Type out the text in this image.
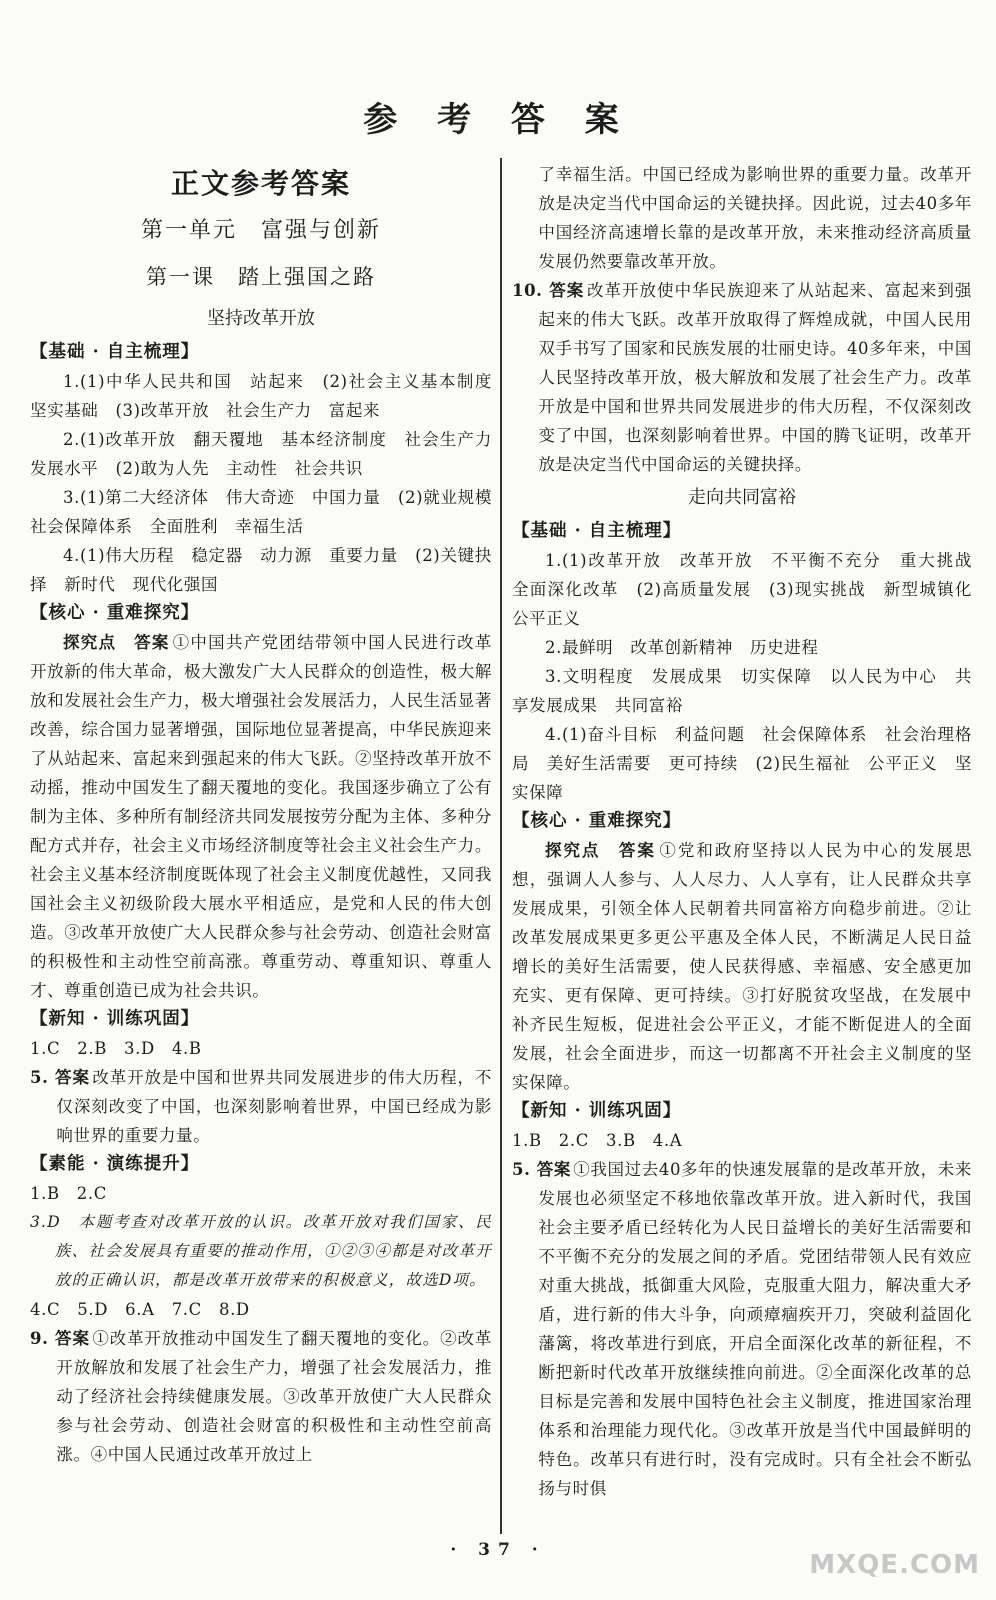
参 考 答 案
正文参考答案
第一单元　富强与创新
第一课　踏上强国之路
坚持改革开放
【基础 · 自主梳理】

1.(1)中华人民共和国　站起来　(2)社会主义基本制度　坚实基础　(3)改革开放　社会生产力　富起来

2.(1)改革开放　翻天覆地　基本经济制度　社会生产力　发展水平　(2)敢为人先　主动性　社会共识

3.(1)第二大经济体　伟大奇迹　中国力量　(2)就业规模　社会保障体系　全面胜利　幸福生活

4.(1)伟大历程　稳定器　动力源　重要力量　(2)关键抉择　新时代　现代化强国

【核心 · 重难探究】

探究点　答案  ①中国共产党团结带领中国人民进行改革开放新的伟大革命，极大激发广大人民群众的创造性，极大解放和发展社会生产力，极大增强社会发展活力，人民生活显著改善，综合国力显著增强，国际地位显著提高，中华民族迎来了从站起来、富起来到强起来的伟大飞跃。②坚持改革开放不动摇，推动中国发生了翻天覆地的变化。我国逐步确立了公有制为主体、多种所有制经济共同发展按劳分配为主体、多种分配方式并存，社会主义市场经济制度等社会主义社会生产力。社会主义基本经济制度既体现了社会主义制度优越性，又同我国社会主义初级阶段大展水平相适应，是党和人民的伟大创造。③改革开放使广大人民群众参与社会劳动、创造社会财富的积极性和主动性空前高涨。尊重劳动、尊重知识、尊重人才、尊重创造已成为社会共识。

【新知 · 训练巩固】

1.C　2.B　3.D　4.B

5. 答案  改革开放是中国和世界共同发展进步的伟大历程，不仅深刻改变了中国，也深刻影响着世界，中国已经成为影响世界的重要力量。

【素能 · 演练提升】

1.B　2.C

3.D　本题考查对改革开放的认识。改革开放对我们国家、民族、社会发展具有重要的推动作用，①②③④都是对改革开放的正确认识，都是改革开放带来的积极意义，故选D项。

4.C　5.D　6.A　7.C　8.D

9. 答案  ①改革开放推动中国发生了翻天覆地的变化。②改革开放解放和发展了社会生产力，增强了社会发展活力，推动了经济社会持续健康发展。③改革开放使广大人民群众参与社会劳动、创造社会财富的积极性和主动性空前高涨。④中国人民通过改革开放过上

了幸福生活。中国已经成为影响世界的重要力量。改革开放是决定当代中国命运的关键抉择。因此说，过去40多年中国经济高速增长靠的是改革开放，未来推动经济高质量发展仍然要靠改革开放。

10. 答案  改革开放使中华民族迎来了从站起来、富起来到强起来的伟大飞跃。改革开放取得了辉煌成就，中国人民用双手书写了国家和民族发展的壮丽史诗。40多年来，中国人民坚持改革开放，极大解放和发展了社会生产力。改革开放是中国和世界共同发展进步的伟大历程，不仅深刻改变了中国，也深刻影响着世界。中国的腾飞证明，改革开放是决定当代中国命运的关键抉择。

走向共同富裕
【基础 · 自主梳理】

1.(1)改革开放　改革开放　不平衡不充分　重大挑战　全面深化改革　(2)高质量发展　(3)现实挑战　新型城镇化　公平正义

2.最鲜明　改革创新精神　历史进程

3.文明程度　发展成果　切实保障　以人民为中心　共享发展成果　共同富裕

4.(1)奋斗目标　利益问题　社会保障体系　社会治理格局　美好生活需要　更可持续　(2)民生福祉　公平正义　坚实保障

【核心 · 重难探究】

探究点　答案  ①党和政府坚持以人民为中心的发展思想，强调人人参与、人人尽力、人人享有，让人民群众共享发展成果，引领全体人民朝着共同富裕方向稳步前进。②让改革发展成果更多更公平惠及全体人民，不断满足人民日益增长的美好生活需要，使人民获得感、幸福感、安全感更加充实、更有保障、更可持续。③打好脱贫攻坚战，在发展中补齐民生短板，促进社会公平正义，才能不断促进人的全面发展，社会全面进步，而这一切都离不开社会主义制度的坚实保障。

【新知 · 训练巩固】

1.B　2.C　3.B　4.A

5. 答案  ①我国过去40多年的快速发展靠的是改革开放，未来发展也必须坚定不移地依靠改革开放。进入新时代，我国社会主要矛盾已经转化为人民日益增长的美好生活需要和不平衡不充分的发展之间的矛盾。党团结带领人民有效应对重大挑战，抵御重大风险，克服重大阻力，解决重大矛盾，进行新的伟大斗争，向顽瘴痼疾开刀，突破利益固化藩篱，将改革进行到底，开启全面深化改革的新征程，不断把新时代改革开放继续推向前进。②全面深化改革的总目标是完善和发展中国特色社会主义制度，推进国家治理体系和治理能力现代化。③改革开放是当代中国最鲜明的特色。改革只有进行时，没有完成时。只有全社会不断弘扬与时俱

· 37 ·	MXQE.COM
